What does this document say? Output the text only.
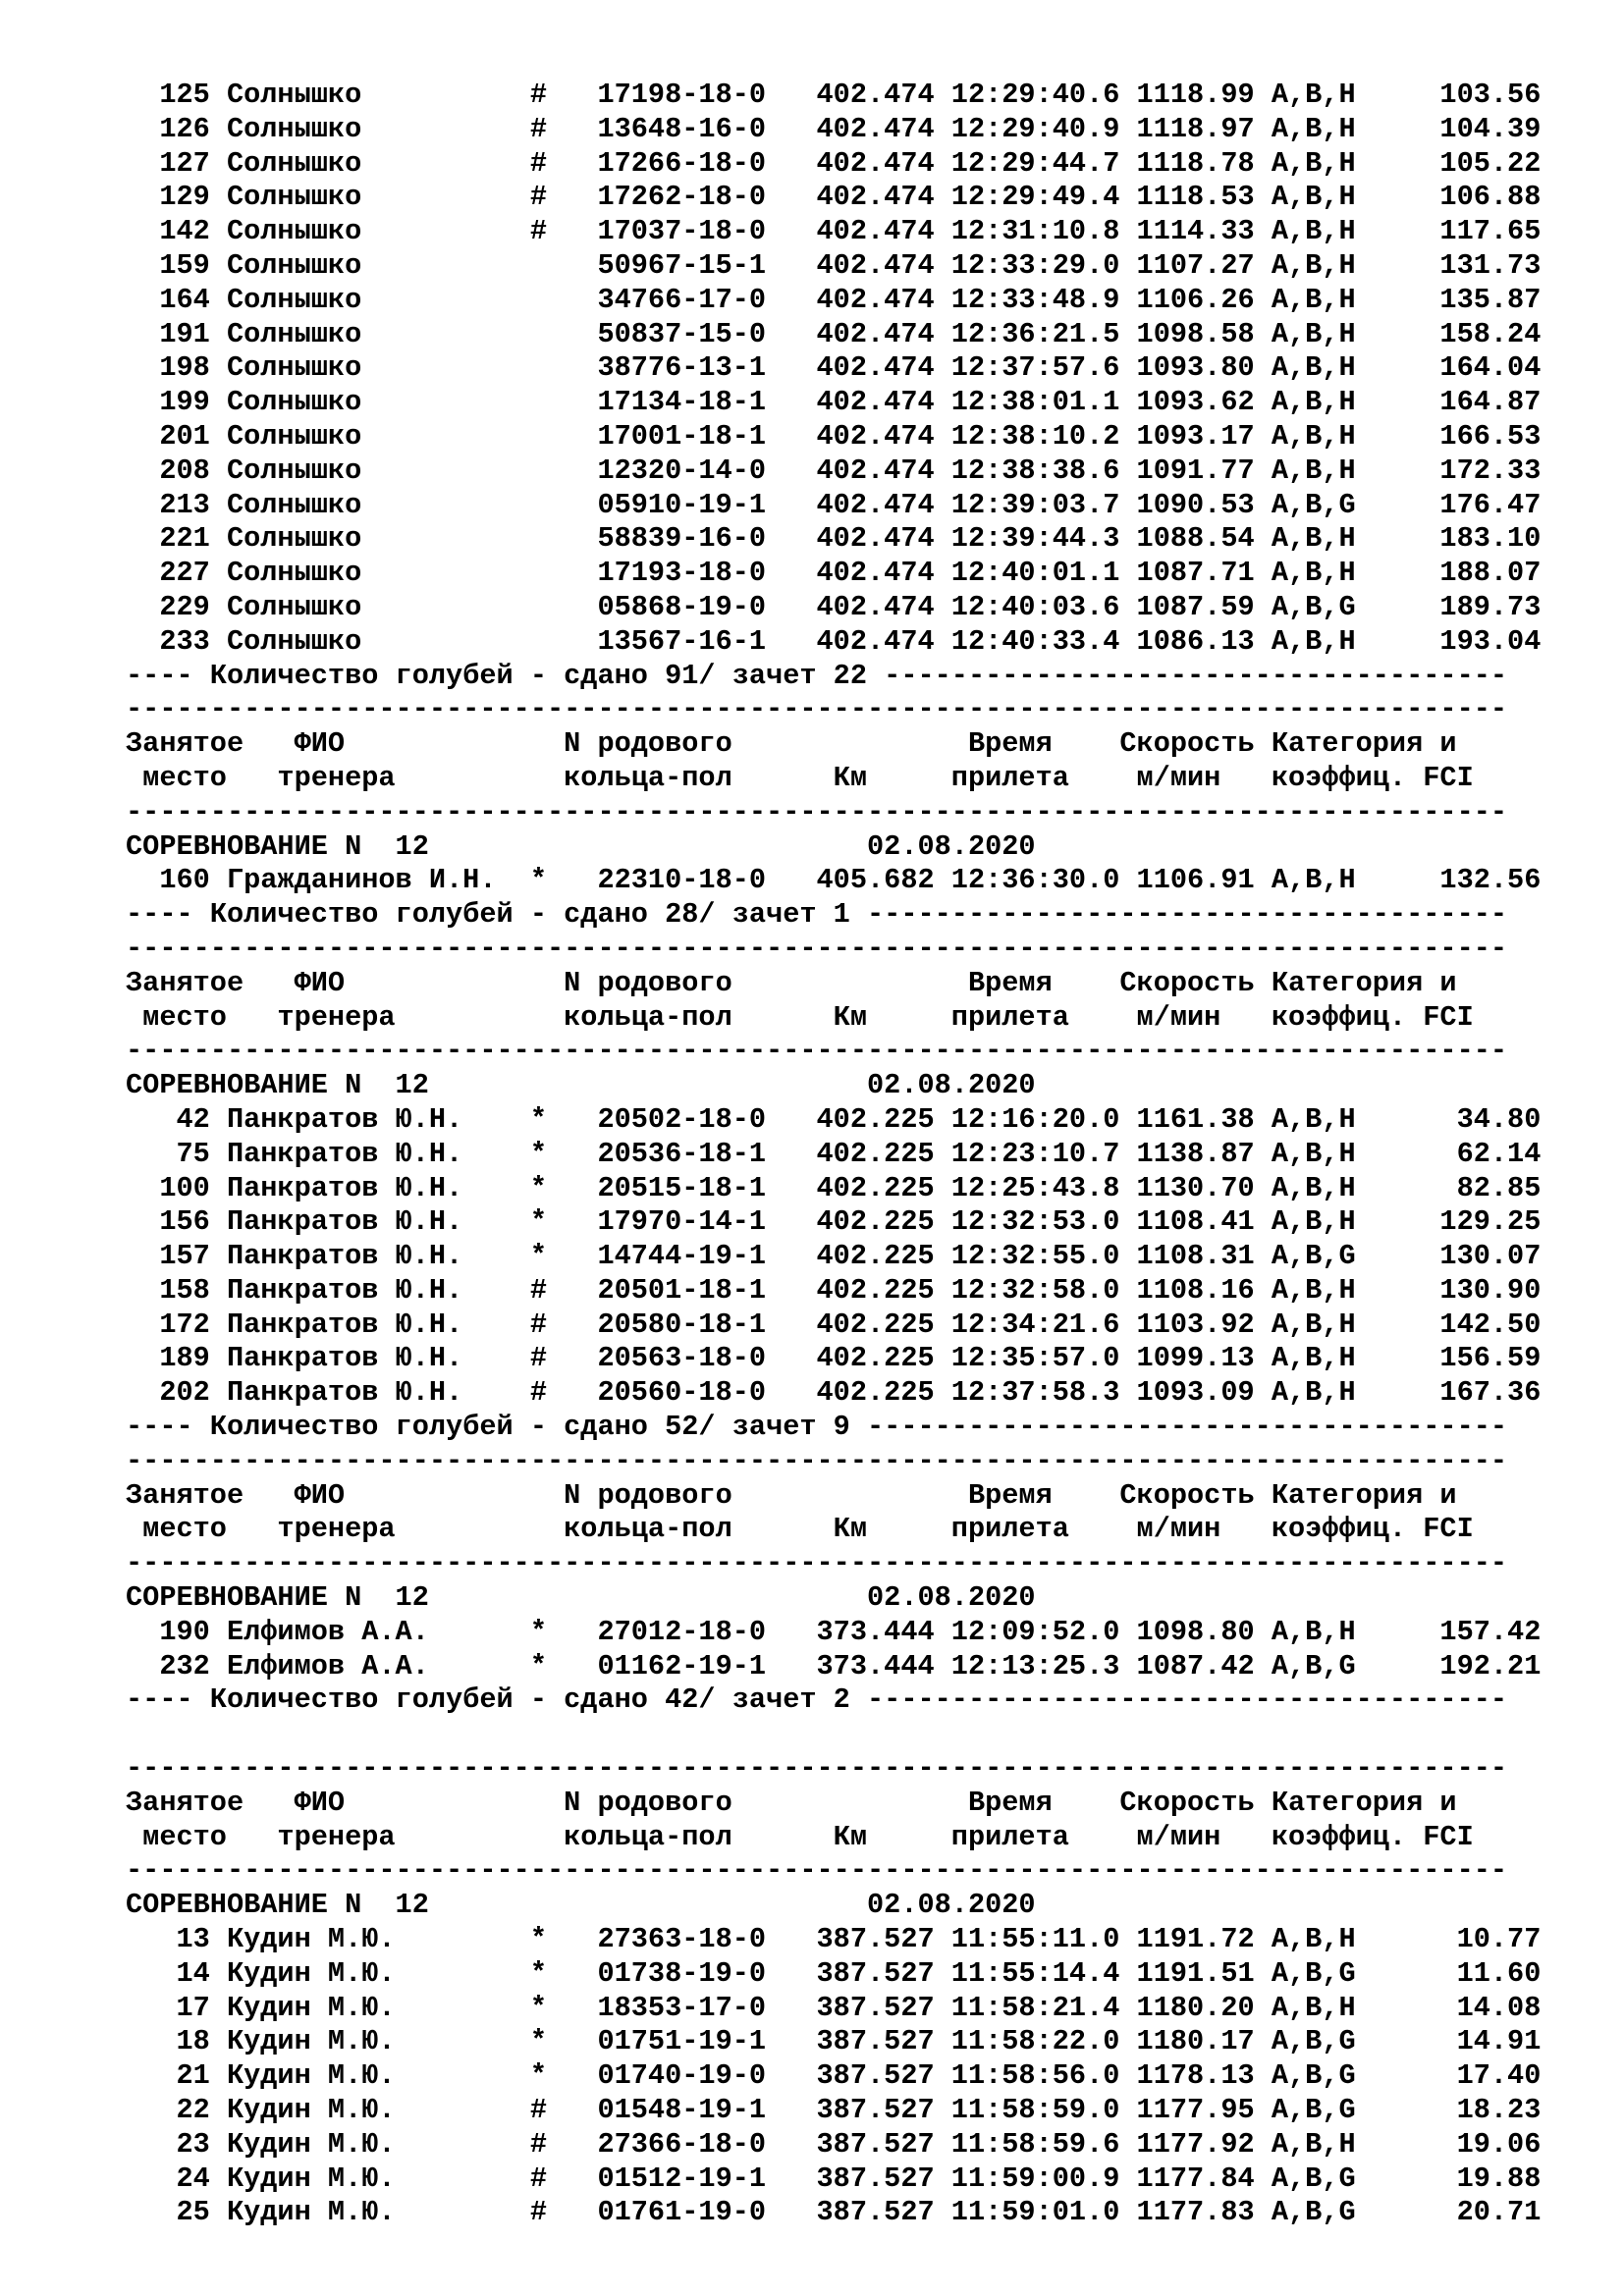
125 Солнышко          #   17198-18-0   402.474 12:29:40.6 1118.99 A,B,H     103.56
126 Солнышко          #   13648-16-0   402.474 12:29:40.9 1118.97 A,B,H     104.39
127 Солнышко          #   17266-18-0   402.474 12:29:44.7 1118.78 A,B,H     105.22
129 Солнышко          #   17262-18-0   402.474 12:29:49.4 1118.53 A,B,H     106.88
142 Солнышко          #   17037-18-0   402.474 12:31:10.8 1114.33 A,B,H     117.65
159 Солнышко              50967-15-1   402.474 12:33:29.0 1107.27 A,B,H     131.73
164 Солнышко              34766-17-0   402.474 12:33:48.9 1106.26 A,B,H     135.87
191 Солнышко              50837-15-0   402.474 12:36:21.5 1098.58 A,B,H     158.24
198 Солнышко              38776-13-1   402.474 12:37:57.6 1093.80 A,B,H     164.04
199 Солнышко              17134-18-1   402.474 12:38:01.1 1093.62 A,B,H     164.87
201 Солнышко              17001-18-1   402.474 12:38:10.2 1093.17 A,B,H     166.53
208 Солнышко              12320-14-0   402.474 12:38:38.6 1091.77 A,B,H     172.33
213 Солнышко              05910-19-1   402.474 12:39:03.7 1090.53 A,B,G     176.47
221 Солнышко              58839-16-0   402.474 12:39:44.3 1088.54 A,B,H     183.10
227 Солнышко              17193-18-0   402.474 12:40:01.1 1087.71 A,B,H     188.07
229 Солнышко              05868-19-0   402.474 12:40:03.6 1087.59 A,B,G     189.73
233 Солнышко              13567-16-1   402.474 12:40:33.4 1086.13 A,B,H     193.04
---- Количество голубей - сдано 91/ зачет 22 -------------------------------------
----------------------------------------------------------------------------------
Занятое   ФИО             N родового              Время    Скорость Категория и
место   тренера          кольца-пол      Км     прилета    м/мин   коэффиц. FCI
----------------------------------------------------------------------------------
СОРЕВНОВАНИЕ N  12                          02.08.2020
160 Гражданинов И.Н.  *   22310-18-0   405.682 12:36:30.0 1106.91 A,B,H     132.56
---- Количество голубей - сдано 28/ зачет 1 --------------------------------------
----------------------------------------------------------------------------------
Занятое   ФИО             N родового              Время    Скорость Категория и
место   тренера          кольца-пол      Км     прилета    м/мин   коэффиц. FCI
----------------------------------------------------------------------------------
СОРЕВНОВАНИЕ N  12                          02.08.2020
42 Панкратов Ю.Н.    *   20502-18-0   402.225 12:16:20.0 1161.38 A,B,H      34.80
75 Панкратов Ю.Н.    *   20536-18-1   402.225 12:23:10.7 1138.87 A,B,H      62.14
100 Панкратов Ю.Н.    *   20515-18-1   402.225 12:25:43.8 1130.70 A,B,H      82.85
156 Панкратов Ю.Н.    *   17970-14-1   402.225 12:32:53.0 1108.41 A,B,H     129.25
157 Панкратов Ю.Н.    *   14744-19-1   402.225 12:32:55.0 1108.31 A,B,G     130.07
158 Панкратов Ю.Н.    #   20501-18-1   402.225 12:32:58.0 1108.16 A,B,H     130.90
172 Панкратов Ю.Н.    #   20580-18-1   402.225 12:34:21.6 1103.92 A,B,H     142.50
189 Панкратов Ю.Н.    #   20563-18-0   402.225 12:35:57.0 1099.13 A,B,H     156.59
202 Панкратов Ю.Н.    #   20560-18-0   402.225 12:37:58.3 1093.09 A,B,H     167.36
---- Количество голубей - сдано 52/ зачет 9 --------------------------------------
----------------------------------------------------------------------------------
Занятое   ФИО             N родового              Время    Скорость Категория и
место   тренера          кольца-пол      Км     прилета    м/мин   коэффиц. FCI
----------------------------------------------------------------------------------
СОРЕВНОВАНИЕ N  12                          02.08.2020
190 Елфимов А.А.      *   27012-18-0   373.444 12:09:52.0 1098.80 A,B,H     157.42
232 Елфимов А.А.      *   01162-19-1   373.444 12:13:25.3 1087.42 A,B,G     192.21
---- Количество голубей - сдано 42/ зачет 2 --------------------------------------
----------------------------------------------------------------------------------
Занятое   ФИО             N родового              Время    Скорость Категория и
место   тренера          кольца-пол      Км     прилета    м/мин   коэффиц. FCI
----------------------------------------------------------------------------------
СОРЕВНОВАНИЕ N  12                          02.08.2020
13 Кудин М.Ю.        *   27363-18-0   387.527 11:55:11.0 1191.72 A,B,H      10.77
14 Кудин М.Ю.        *   01738-19-0   387.527 11:55:14.4 1191.51 A,B,G      11.60
17 Кудин М.Ю.        *   18353-17-0   387.527 11:58:21.4 1180.20 A,B,H      14.08
18 Кудин М.Ю.        *   01751-19-1   387.527 11:58:22.0 1180.17 A,B,G      14.91
21 Кудин М.Ю.        *   01740-19-0   387.527 11:58:56.0 1178.13 A,B,G      17.40
22 Кудин М.Ю.        #   01548-19-1   387.527 11:58:59.0 1177.95 A,B,G      18.23
23 Кудин М.Ю.        #   27366-18-0   387.527 11:58:59.6 1177.92 A,B,H      19.06
24 Кудин М.Ю.        #   01512-19-1   387.527 11:59:00.9 1177.84 A,B,G      19.88
25 Кудин М.Ю.        #   01761-19-0   387.527 11:59:01.0 1177.83 A,B,G      20.71
